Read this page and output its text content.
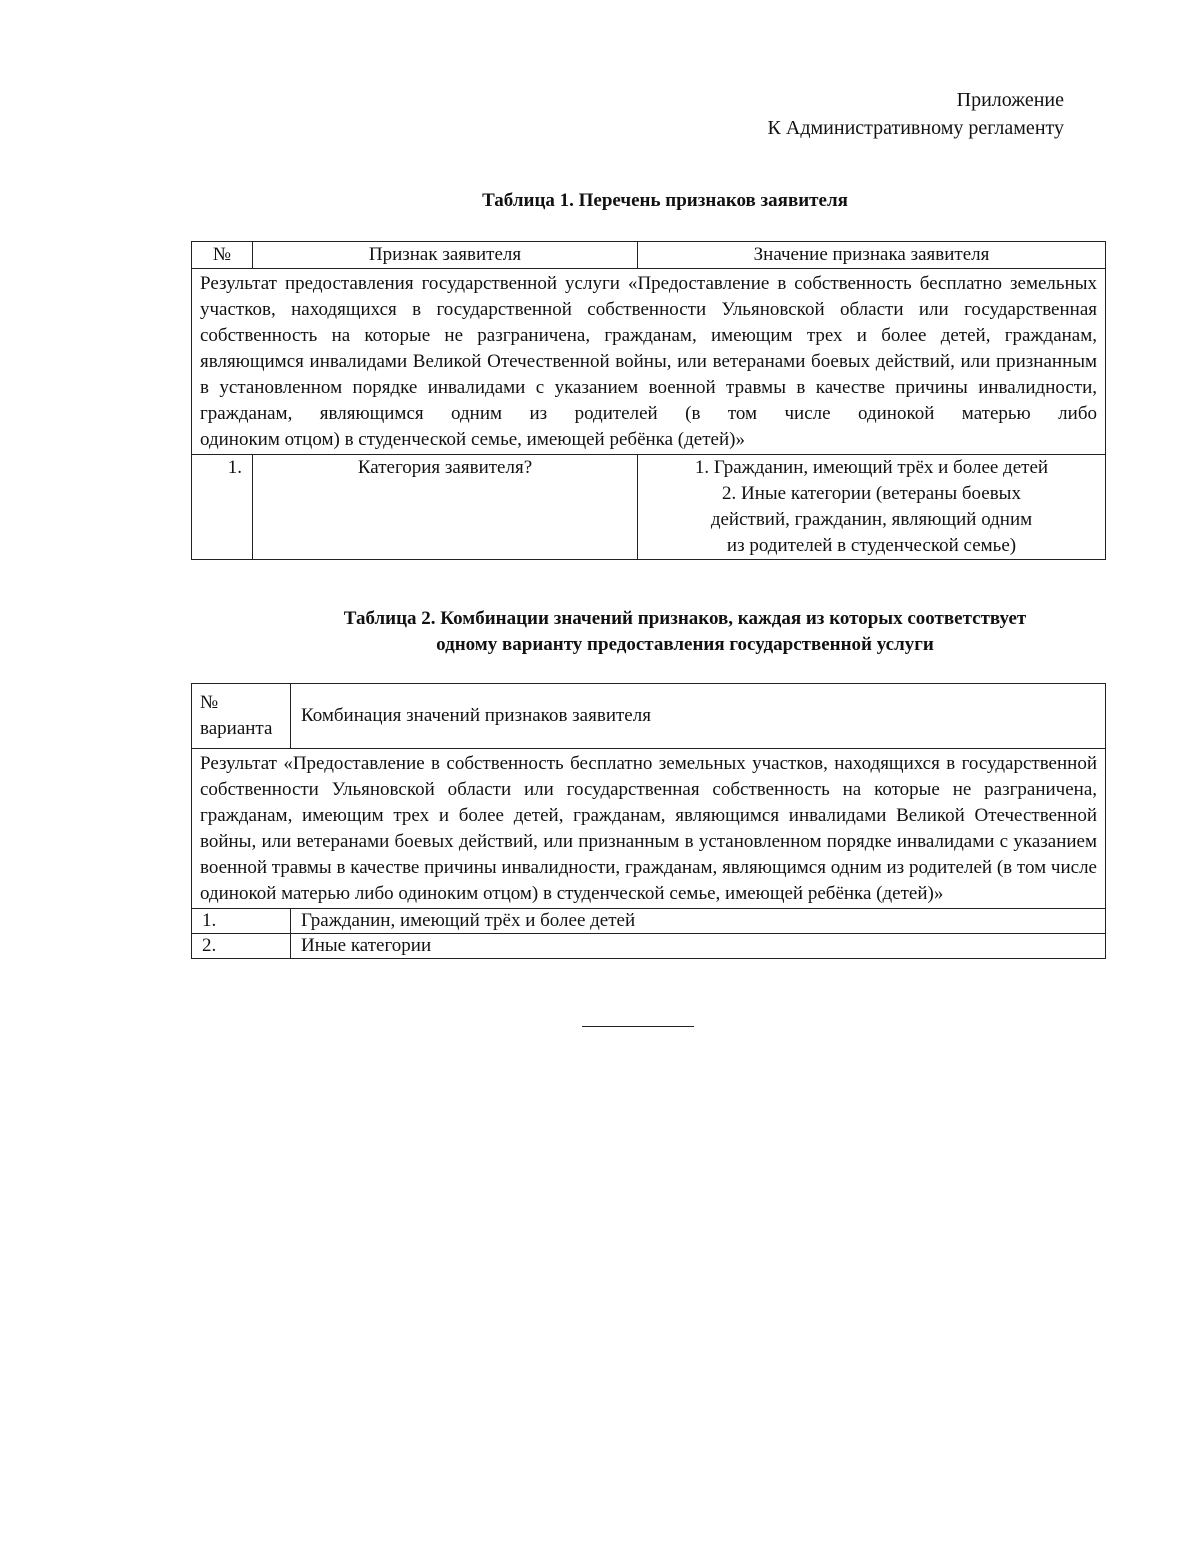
Приложение
К Административному регламенту
Таблица 1. Перечень признаков заявителя
№	Признак заявителя	Значение признака заявителя
Результат предоставления государственной услуги «Предоставление в собственность бесплатно земельных участков, находящихся в государственной собственности Ульяновской области или государственная собственность на которые не разграничена, гражданам, имеющим трех и более детей, гражданам, являющимся инвалидами Великой Отечественной войны, или ветеранами боевых действий, или признанным в установленном порядке инвалидами с указанием военной травмы в качестве причины инвалидности, гражданам, являющимся одним из родителей (в том числе одинокой матерью либо
одиноким отцом) в студенческой семье, имеющей ребёнка (детей)»		

1.	Категория заявителя?	1. Гражданин, имеющий трёх и более детей
2. Иные категории (ветераны боевых
действий, гражданин, являющий одним
из родителей в студенческой семье)
Таблица 2. Комбинации значений признаков, каждая из которых соответствует
одному варианту предоставления государственной услуги
№
варианта	Комбинация значений признаков заявителя
Результат «Предоставление в собственность бесплатно земельных участков, находящихся в государственной собственности Ульяновской области или государственная собственность на которые не разграничена, гражданам, имеющим трех и более детей, гражданам, являющимся инвалидами Великой Отечественной войны, или ветеранами боевых действий, или признанным в установленном порядке инвалидами с указанием военной травмы в качестве причины инвалидности, гражданам, являющимся одним из родителей (в том числе
одинокой матерью либо одиноким отцом) в студенческой семье, имеющей ребёнка (детей)»	

1.	Гражданин, имеющий трёх и более детей
2.	Иные категории
